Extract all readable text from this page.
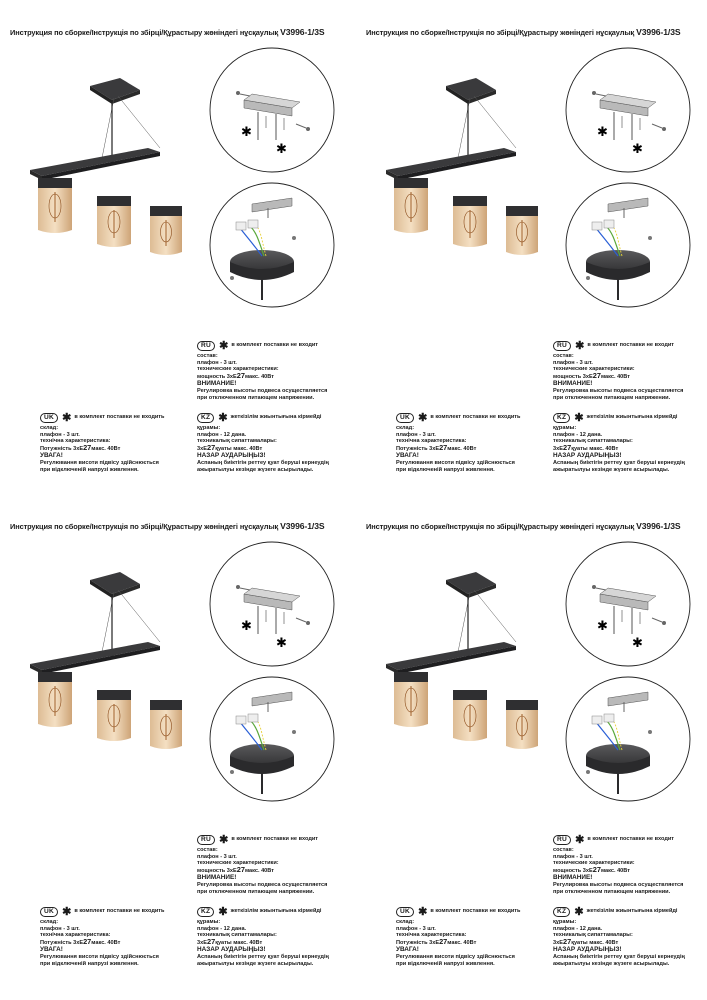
Инструкция по сборке/Інструкція по збірці/Құрастыру жөніндегі нұсқаулық V3996-1/3S
✱
✱
RU ✱ в комплект поставки не входит
состав:
плафон - 3 шт.
технические характеристики:
мощность 3хЕ27макс. 40Вт
ВНИМАНИЕ!
Регулировка высоты подвеса осуществляется
при отключенном питающем напряжении.
UK ✱ в комплект поставки не входить
склад:
плафон - 3 шт.
технічна характеристика:
Потужність 3хЕ27макс. 40Вт
УВАГА!
Регулювання висоти підвісу здійснюється
при відключеній напрузі живлення.
KZ ✱ жеткізілім жиынтығына кірмейді
құрамы:
плафон - 12 дана.
техникалық сипаттамалары:
3хЕ27қуаты макс. 40Вт
НАЗАР АУДАРЫҢЫЗ!
Аспаның биіктігін реттеу қуат беруші кернеудің
ажыратылуы кезінде жүзеге асырылады.
Инструкция по сборке/Інструкція по збірці/Құрастыру жөніндегі нұсқаулық V3996-1/3S
✱
✱
RU ✱ в комплект поставки не входит
состав:
плафон - 3 шт.
технические характеристики:
мощность 3хЕ27макс. 40Вт
ВНИМАНИЕ!
Регулировка высоты подвеса осуществляется
при отключенном питающем напряжении.
UK ✱ в комплект поставки не входить
склад:
плафон - 3 шт.
технічна характеристика:
Потужність 3хЕ27макс. 40Вт
УВАГА!
Регулювання висоти підвісу здійснюється
при відключеній напрузі живлення.
KZ ✱ жеткізілім жиынтығына кірмейді
құрамы:
плафон - 12 дана.
техникалық сипаттамалары:
3хЕ27қуаты макс. 40Вт
НАЗАР АУДАРЫҢЫЗ!
Аспаның биіктігін реттеу қуат беруші кернеудің
ажыратылуы кезінде жүзеге асырылады.
Инструкция по сборке/Інструкція по збірці/Құрастыру жөніндегі нұсқаулық V3996-1/3S
✱
✱
RU ✱ в комплект поставки не входит
состав:
плафон - 3 шт.
технические характеристики:
мощность 3хЕ27макс. 40Вт
ВНИМАНИЕ!
Регулировка высоты подвеса осуществляется
при отключенном питающем напряжении.
UK ✱ в комплект поставки не входить
склад:
плафон - 3 шт.
технічна характеристика:
Потужність 3хЕ27макс. 40Вт
УВАГА!
Регулювання висоти підвісу здійснюється
при відключеній напрузі живлення.
KZ ✱ жеткізілім жиынтығына кірмейді
құрамы:
плафон - 12 дана.
техникалық сипаттамалары:
3хЕ27қуаты макс. 40Вт
НАЗАР АУДАРЫҢЫЗ!
Аспаның биіктігін реттеу қуат беруші кернеудің
ажыратылуы кезінде жүзеге асырылады.
Инструкция по сборке/Інструкція по збірці/Құрастыру жөніндегі нұсқаулық V3996-1/3S
✱
✱
RU ✱ в комплект поставки не входит
состав:
плафон - 3 шт.
технические характеристики:
мощность 3хЕ27макс. 40Вт
ВНИМАНИЕ!
Регулировка высоты подвеса осуществляется
при отключенном питающем напряжении.
UK ✱ в комплект поставки не входить
склад:
плафон - 3 шт.
технічна характеристика:
Потужність 3хЕ27макс. 40Вт
УВАГА!
Регулювання висоти підвісу здійснюється
при відключеній напрузі живлення.
KZ ✱ жеткізілім жиынтығына кірмейді
құрамы:
плафон - 12 дана.
техникалық сипаттамалары:
3хЕ27қуаты макс. 40Вт
НАЗАР АУДАРЫҢЫЗ!
Аспаның биіктігін реттеу қуат беруші кернеудің
ажыратылуы кезінде жүзеге асырылады.
